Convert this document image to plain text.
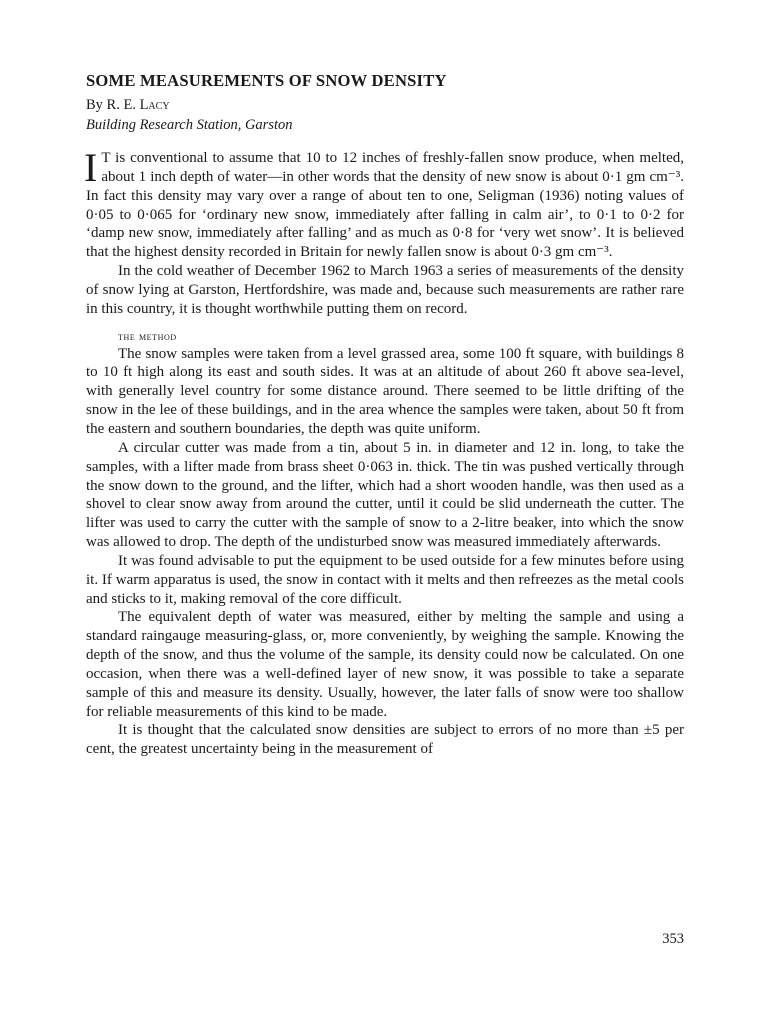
SOME MEASUREMENTS OF SNOW DENSITY
By R. E. Lacy
Building Research Station, Garston

I T is conventional to assume that 10 to 12 inches of freshly-fallen snow produce, when melted, about 1 inch depth of water—in other words that the density of new snow is about 0·1 gm cm⁻³. In fact this density may vary over a range of about ten to one, Seligman (1936) noting values of 0·05 to 0·065 for ‘ordinary new snow, immediately after falling in calm air’, to 0·1 to 0·2 for ‘damp new snow, immediately after falling’ and as much as 0·8 for ‘very wet snow’. It is believed that the highest density recorded in Britain for newly fallen snow is about 0·3 gm cm⁻³.

In the cold weather of December 1962 to March 1963 a series of measurements of the density of snow lying at Garston, Hertfordshire, was made and, because such measurements are rather rare in this country, it is thought worthwhile putting them on record.

the method

The snow samples were taken from a level grassed area, some 100 ft square, with buildings 8 to 10 ft high along its east and south sides. It was at an altitude of about 260 ft above sea-level, with generally level country for some distance around. There seemed to be little drifting of the snow in the lee of these buildings, and in the area whence the samples were taken, about 50 ft from the eastern and southern boundaries, the depth was quite uniform.

A circular cutter was made from a tin, about 5 in. in diameter and 12 in. long, to take the samples, with a lifter made from brass sheet 0·063 in. thick. The tin was pushed vertically through the snow down to the ground, and the lifter, which had a short wooden handle, was then used as a shovel to clear snow away from around the cutter, until it could be slid underneath the cutter. The lifter was used to carry the cutter with the sample of snow to a 2-litre beaker, into which the snow was allowed to drop. The depth of the undisturbed snow was measured immediately afterwards.

It was found advisable to put the equipment to be used outside for a few minutes before using it. If warm apparatus is used, the snow in contact with it melts and then refreezes as the metal cools and sticks to it, making removal of the core difficult.

The equivalent depth of water was measured, either by melting the sample and using a standard raingauge measuring-glass, or, more conveniently, by weighing the sample. Knowing the depth of the snow, and thus the volume of the sample, its density could now be calculated. On one occasion, when there was a well-defined layer of new snow, it was possible to take a separate sample of this and measure its density. Usually, however, the later falls of snow were too shallow for reliable measurements of this kind to be made.

It is thought that the calculated snow densities are subject to errors of no more than ±5 per cent, the greatest uncertainty being in the measurement of

353
